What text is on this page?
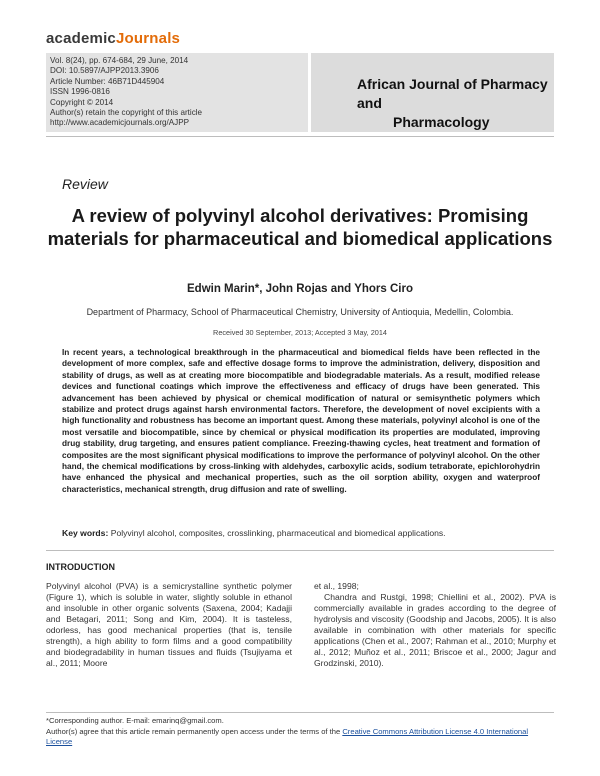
academicJournals
Vol. 8(24), pp. 674-684, 29 June, 2014
DOI: 10.5897/AJPP2013.3906
Article Number: 46B71D445904
ISSN 1996-0816
Copyright © 2014
Author(s) retain the copyright of this article
http://www.academicjournals.org/AJPP
African Journal of Pharmacy and
Pharmacology
Review
A review of polyvinyl alcohol derivatives: Promising materials for pharmaceutical and biomedical applications
Edwin Marin*, John Rojas and Yhors Ciro
Department of Pharmacy, School of Pharmaceutical Chemistry, University of Antioquia, Medellin, Colombia.
Received 30 September, 2013; Accepted 3 May, 2014

In recent years, a technological breakthrough in the pharmaceutical and biomedical fields have been reflected in the development of more complex, safe and effective dosage forms to improve the administration, delivery, disposition and stability of drugs, as well as at creating more biocompatible and biodegradable materials. As a result, modified release devices and functional coatings which improve the effectiveness and efficacy of drugs have been generated. This advancement has been achieved by physical or chemical modification of natural or semisynthetic polymers which stabilize and protect drugs against harsh environmental factors. Therefore, the development of novel excipients with a high functionality and robustness has become an important quest. Among these materials, polyvinyl alcohol is one of the most versatile and biocompatible, since by chemical or physical modification its properties are modulated, improving drug stability, drug targeting, and ensures patient compliance. Freezing-thawing cycles, heat treatment and formation of composites are the most significant physical modifications to improve the performance of polyvinyl alcohol. On the other hand, the chemical modifications by cross-linking with aldehydes, carboxylic acids, sodium tetraborate, epichlorohydrin have enhanced the physical and mechanical properties, such as the oil sorption ability, oxygen and waterproof characteristics, mechanical strength, drug diffusion and rate of swelling.

Key words: Polyvinyl alcohol, composites, crosslinking, pharmaceutical and biomedical applications.
INTRODUCTION

Polyvinyl alcohol (PVA) is a semicrystalline synthetic polymer (Figure 1), which is soluble in water, slightly soluble in ethanol and insoluble in other organic solvents (Saxena, 2004; Kadajji and Betagari, 2011; Song and Kim, 2004). It is tasteless, odorless, has good mechanical properties (that is, tensile strength), a high ability to form films and a good compatibility and biodegradability in human tissues and fluids (Tsujiyama et al., 2011; Moore

et al., 1998;

Chandra and Rustgi, 1998; Chiellini et al., 2002). PVA is commercially available in grades according to the degree of hydrolysis and viscosity (Goodship and Jacobs, 2005). It is also available in combination with other materials for specific applications (Chen et al., 2007; Rahman et al., 2010; Murphy et al., 2012; Muñoz et al., 2011; Briscoe et al., 2000; Jagur and Grodzinski, 2010).

*Corresponding author. E-mail: emarinq@gmail.com.
Author(s) agree that this article remain permanently open access under the terms of the Creative Commons Attribution License 4.0 International License
